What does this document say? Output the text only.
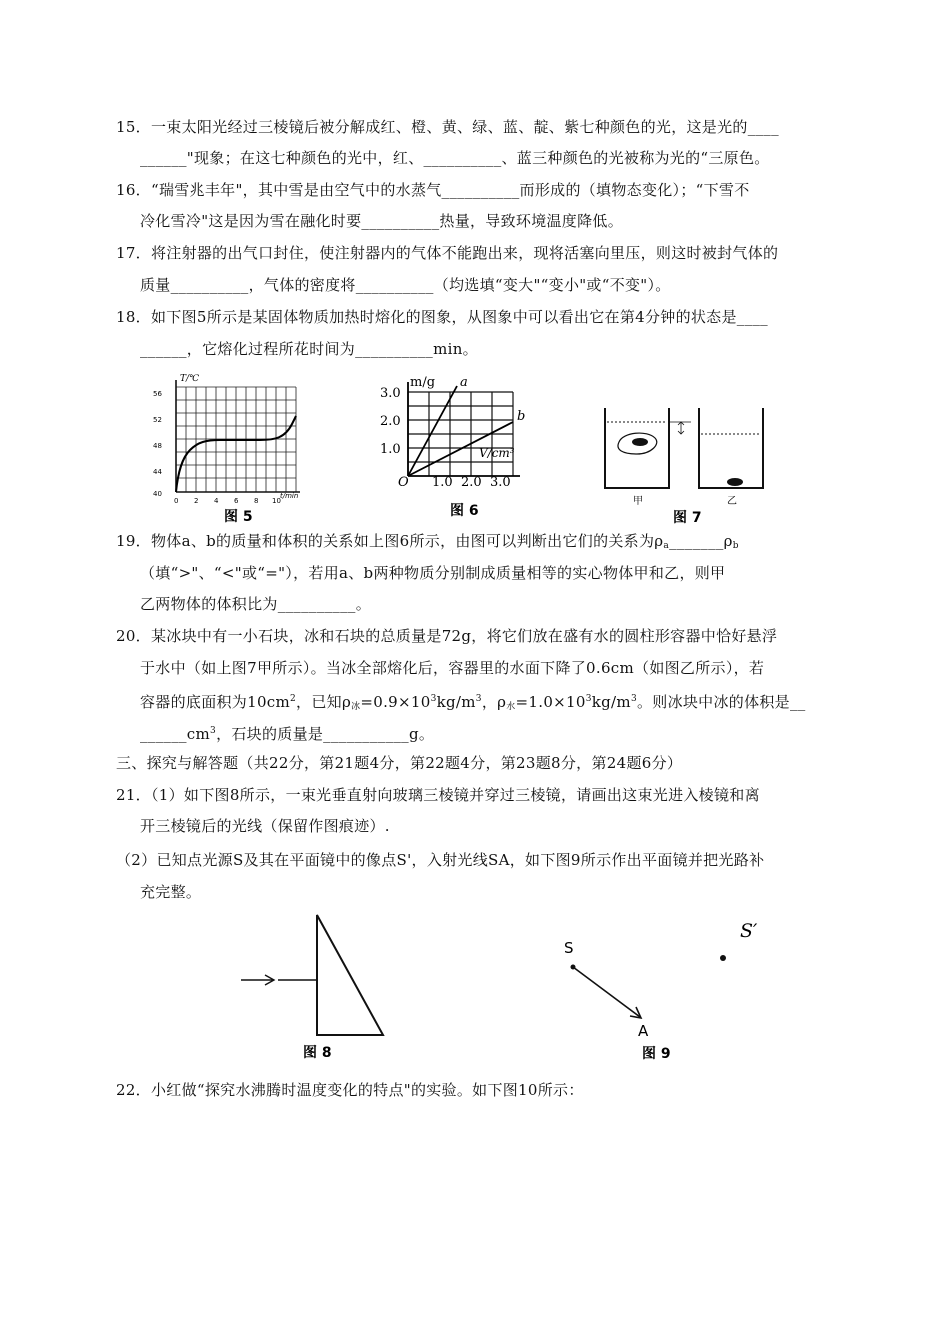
15．一束太阳光经过三棱镜后被分解成红、橙、黄、绿、蓝、靛、紫七种颜色的光，这是光的____
______"现象；在这七种颜色的光中，红、__________、蓝三种颜色的光被称为光的“三原色。
16．“瑞雪兆丰年"，其中雪是由空气中的水蒸气__________而形成的（填物态变化）；“下雪不
冷化雪冷"这是因为雪在融化时要__________热量，导致环境温度降低。
17．将注射器的出气口封住，使注射器内的气体不能跑出来，现将活塞向里压，则这时被封气体的
质量__________，气体的密度将__________（均选填“变大"“变小"或“不变"）。
18．如下图5所示是某固体物质加热时熔化的图象，从图象中可以看出它在第4分钟的状态是____
______，它熔化过程所花时间为__________min。
T/℃
56
52
48
44
40
0 2 4 6 8 10
t/min
图 5
m/g
3.0
2.0
1.0
O 1.0 2.0 3.0
V/cm³
a
b
图 6
甲	乙
图 7
19．物体a、b的质量和体积的关系如上图6所示，由图可以判断出它们的关系为$\rho_a\_\_\_\_\_\_\_\rho_b$
（填“>"、“<"或“="），若用a、b两种物质分别制成质量相等的实心物体甲和乙，则甲
乙两物体的体积比为__________。
20．某冰块中有一小石块，冰和石块的总质量是72g，将它们放在盛有水的圆柱形容器中恰好悬浮
于水中（如上图7甲所示）。当冰全部熔化后，容器里的水面下降了0.6cm（如图乙所示），若
容器的底面积为$10cm^2$，已知$\rho_冰=0.9\times 10^3kg/m^3$，$\rho_水=1.0\times 10^3kg/m^3$。则冰块中冰的体积是__
$\_\_\_\_\_\_cm^3$，石块的质量是___________g。
三、探究与解答题（共22分，第21题4分，第22题4分，第23题8分，第24题6分）
21．（1）如下图8所示，一束光垂直射向玻璃三棱镜并穿过三棱镜，请画出这束光进入棱镜和离
开三棱镜后的光线（保留作图痕迹）.
（2）已知点光源S及其在平面镜中的像点S'，入射光线SA，如下图9所示作出平面镜并把光路补
充完整。
图 8
S
A
S′
图 9
22．小红做“探究水沸腾时温度变化的特点"的实验。如下图10所示：
